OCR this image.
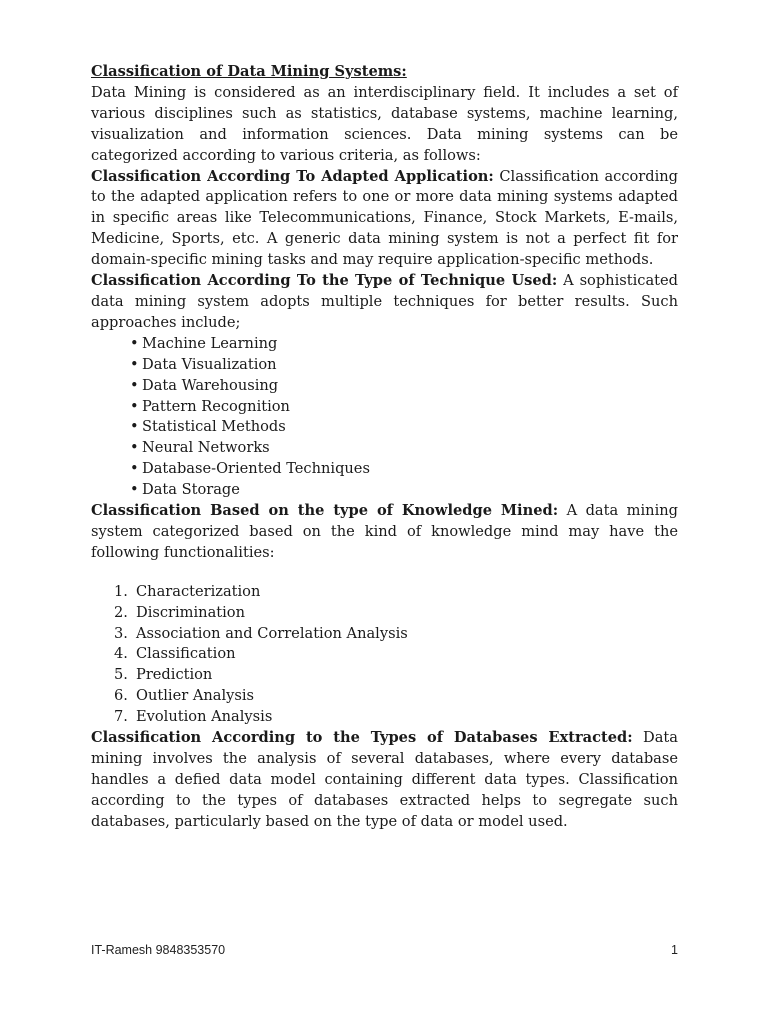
Classification of Data Mining Systems:

Data Mining is considered as an interdisciplinary field. It includes a set of various disciplines such as statistics, database systems, machine learning, visualization and information sciences. Data mining systems can be categorized according to various criteria, as follows:

Classification According To Adapted Application: Classification according to the adapted application refers to one or more data mining systems adapted in specific areas like Telecommunications, Finance, Stock Markets, E-mails, Medicine, Sports, etc. A generic data mining system is not a perfect fit for domain-specific mining tasks and may require application-specific methods.

Classification According To the Type of Technique Used: A sophisticated data mining system adopts multiple techniques for better results. Such approaches include;

• Machine Learning
• Data Visualization
• Data Warehousing
• Pattern Recognition
• Statistical Methods
• Neural Networks
• Database-Oriented Techniques
• Data Storage

Classification Based on the type of Knowledge Mined: A data mining system categorized based on the kind of knowledge mind may have the following functionalities:

1. Characterization
2. Discrimination
3. Association and Correlation Analysis
4. Classification
5. Prediction
6. Outlier Analysis
7. Evolution Analysis

Classification According to the Types of Databases Extracted: Data mining involves the analysis of several databases, where every database handles a defied data model containing different data types. Classification according to the types of databases extracted helps to segregate such databases, particularly based on the type of data or model used.

IT-Ramesh 9848353570	1
